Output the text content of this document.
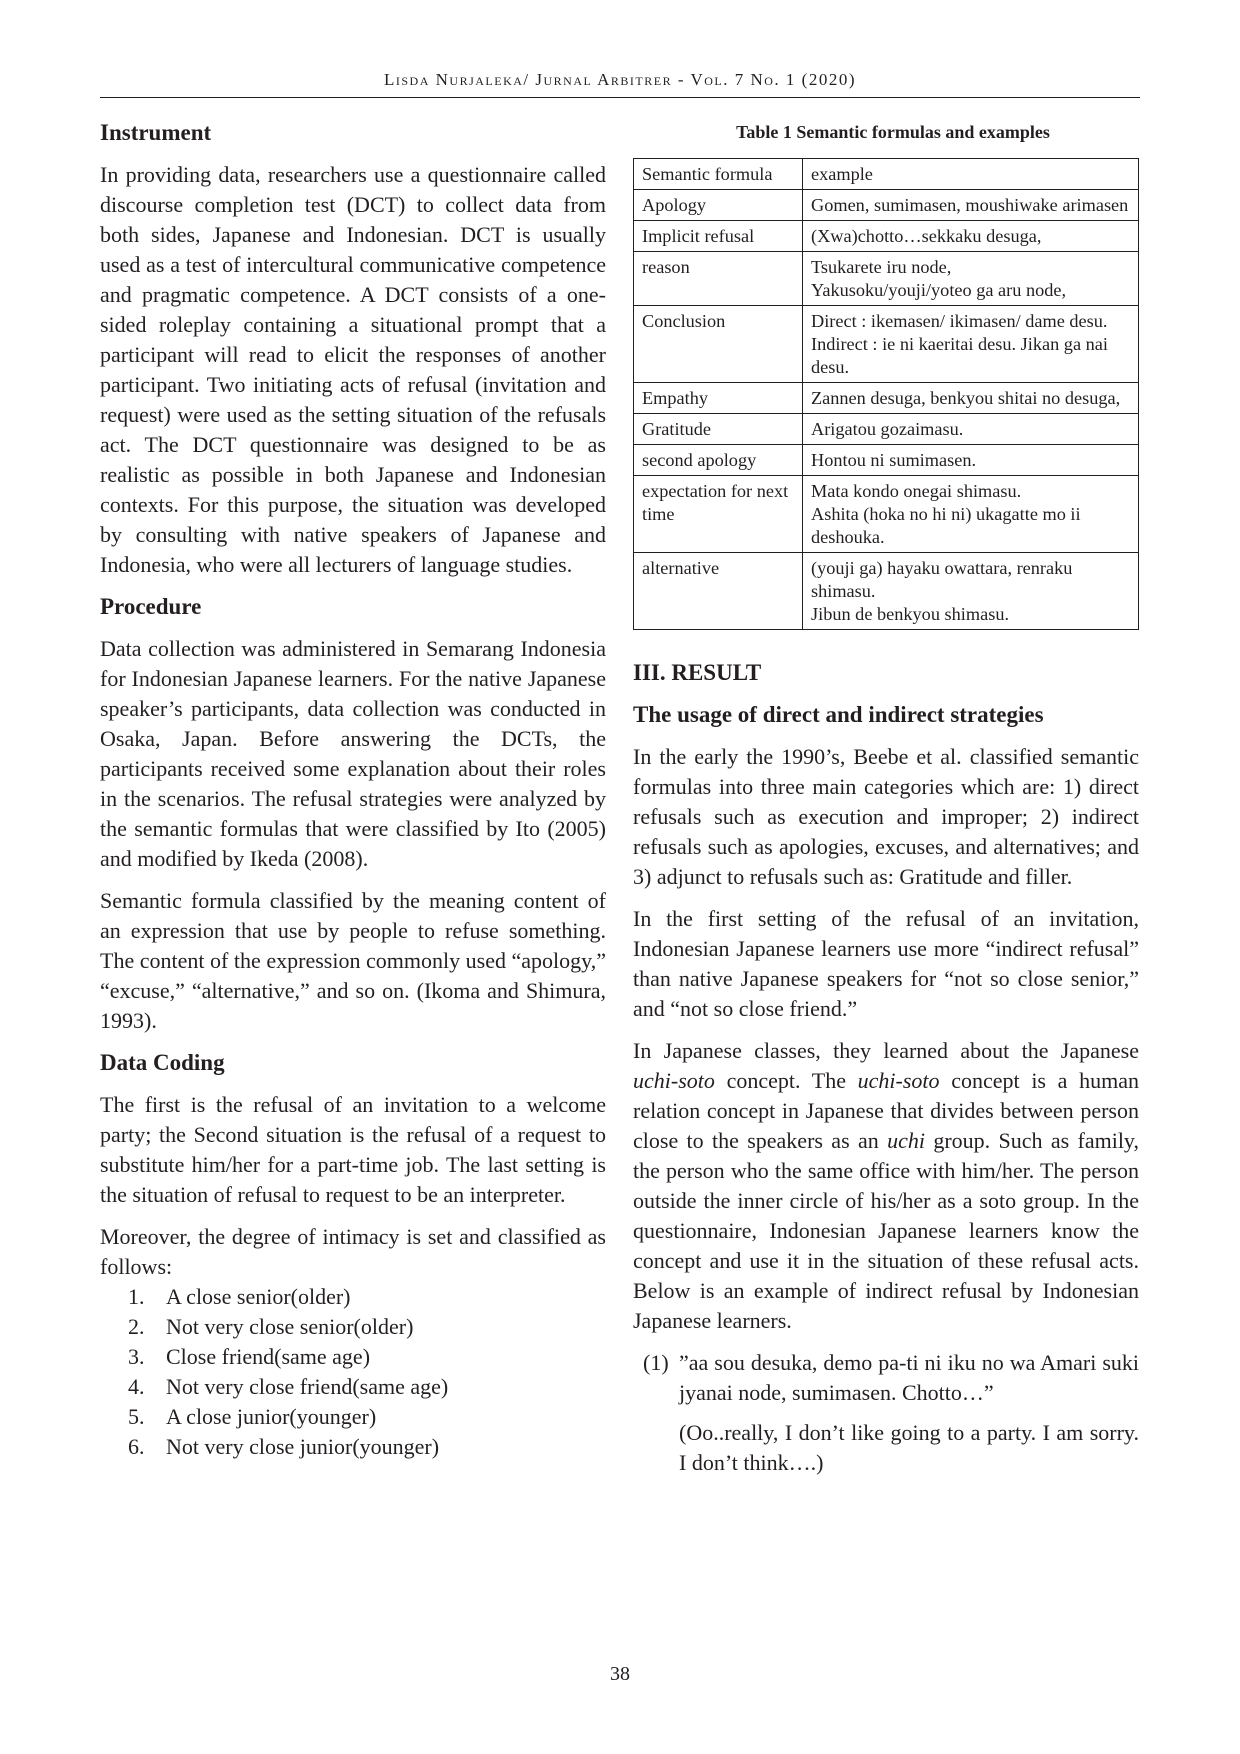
Lisda Nurjaleka/ Jurnal Arbitrer - Vol. 7 No. 1 (2020)
Instrument
In providing data, researchers use a questionnaire called discourse completion test (DCT) to collect data from both sides, Japanese and Indonesian. DCT is usually used as a test of intercultural communicative competence and pragmatic competence. A DCT consists of a one-sided roleplay containing a situational prompt that a participant will read to elicit the responses of another participant. Two initiating acts of refusal (invitation and request) were used as the setting situation of the refusals act. The DCT questionnaire was designed to be as realistic as possible in both Japanese and Indonesian contexts. For this purpose, the situation was developed by consulting with native speakers of Japanese and Indonesia, who were all lecturers of language studies.
Procedure
Data collection was administered in Semarang Indonesia for Indonesian Japanese learners. For the native Japanese speaker’s participants, data collection was conducted in Osaka, Japan. Before answering the DCTs, the participants received some explanation about their roles in the scenarios. The refusal strategies were analyzed by the semantic formulas that were classified by Ito (2005) and modified by Ikeda (2008).
Semantic formula classified by the meaning content of an expression that use by people to refuse something. The content of the expression commonly used “apology,” “excuse,” “alternative,” and so on. (Ikoma and Shimura, 1993).
Data Coding
The first is the refusal of an invitation to a welcome party; the Second situation is the refusal of a request to substitute him/her for a part-time job. The last setting is the situation of refusal to request to be an interpreter.
Moreover, the degree of intimacy is set and classified as follows:
1. A close senior(older)
2. Not very close senior(older)
3. Close friend(same age)
4. Not very close friend(same age)
5. A close junior(younger)
6. Not very close junior(younger)
Table 1 Semantic formulas and examples
Semantic formula	example
Apology	Gomen, sumimasen, moushiwake arimasen

Implicit refusal	(Xwa)chotto…sekkaku desuga,

reason	Tsukarete iru node,
Yakusoku/youji/yoteo ga aru node,

Conclusion	Direct : ikemasen/ ikimasen/ dame desu.
Indirect : ie ni kaeritai desu. Jikan ga nai desu.

Empathy	Zannen desuga, benkyou shitai no desuga,

Gratitude	Arigatou gozaimasu.

second apology	Hontou ni sumimasen.

expectation for next time	Mata kondo onegai shimasu.
Ashita (hoka no hi ni) ukagatte mo ii deshouka.

alternative	(youji ga) hayaku owattara, renraku shimasu.
Jibun de benkyou shimasu.
III. RESULT
The usage of direct and indirect strategies
In the early the 1990’s, Beebe et al. classified semantic formulas into three main categories which are: 1) direct refusals such as execution and improper; 2) indirect refusals such as apologies, excuses, and alternatives; and 3) adjunct to refusals such as: Gratitude and filler.
In the first setting of the refusal of an invitation, Indonesian Japanese learners use more “indirect refusal” than native Japanese speakers for “not so close senior,” and “not so close friend.”
In Japanese classes, they learned about the Japanese uchi-soto concept. The uchi-soto concept is a human relation concept in Japanese that divides between person close to the speakers as an uchi group. Such as family, the person who the same office with him/her. The person outside the inner circle of his/her as a soto group. In the questionnaire, Indonesian Japanese learners know the concept and use it in the situation of these refusal acts. Below is an example of indirect refusal by Indonesian Japanese learners.
(1) ”aa sou desuka, demo pa-ti ni iku no wa Amari suki jyanai node, sumimasen. Chotto…”
(Oo..really, I don’t like going to a party. I am sorry. I don’t think….)
38
